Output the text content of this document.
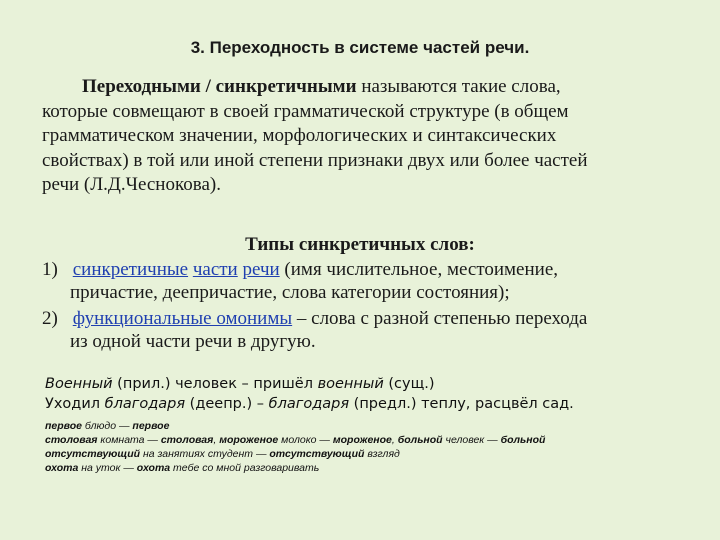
3. Переходность в системе частей речи.
Переходными / синкретичными называются такие слова,
которые совмещают в своей грамматической структуре (в общем
грамматическом значении, морфологических и синтаксических
свойствах) в той или иной степени признаки двух или более частей
речи (Л.Д.Чеснокова).
Типы синкретичных слов:
1) синкретичные части речи (имя числительное, местоимение,
причастие, деепричастие, слова категории состояния);
2) функциональные омонимы – слова с разной степенью перехода
из одной части речи в другую.
Военный (прил.) человек – пришёл военный (сущ.)
Уходил благодаря (деепр.) – благодаря (предл.) теплу, расцвёл сад.
первое блюдо — первое
столовая комната — столовая, мороженое молоко — мороженое, больной человек — больной
отсутствующий на занятиях студент — отсутствующий взгляд
охота на уток — охота тебе со мной разговаривать
